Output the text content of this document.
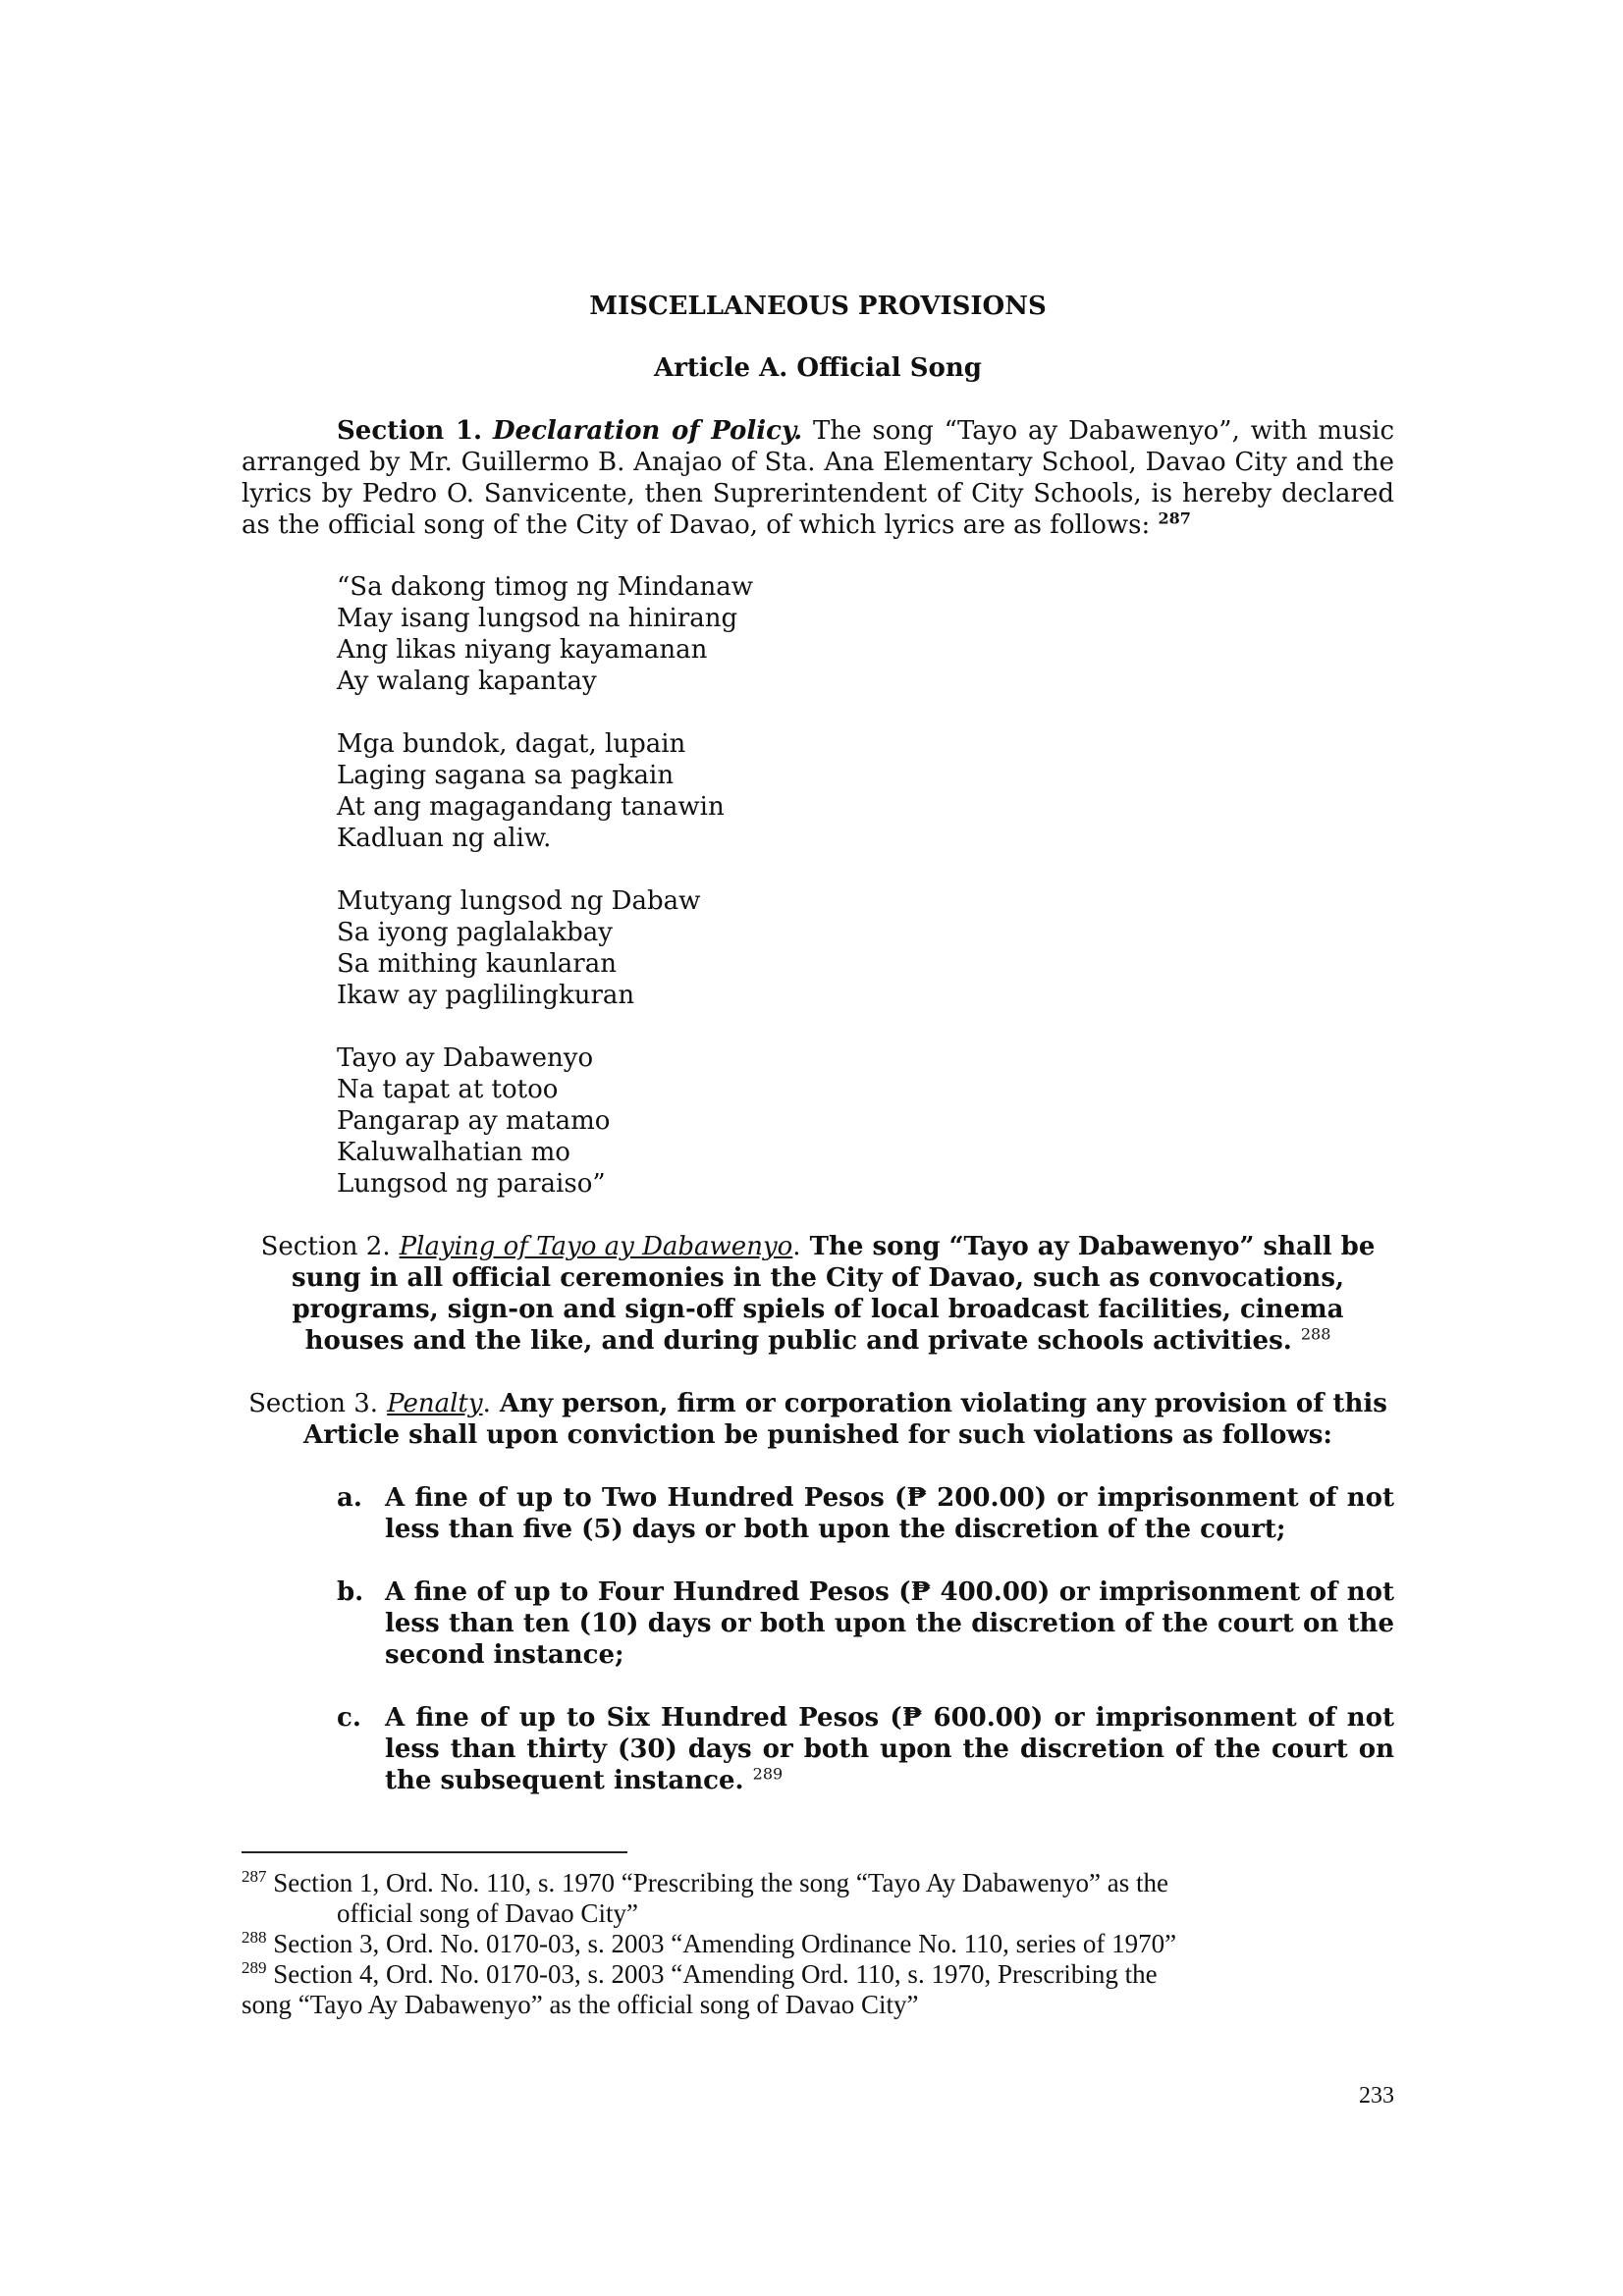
MISCELLANEOUS PROVISIONS
Article A. Official Song
Section 1. Declaration of Policy. The song “Tayo ay Dabawenyo”, with music arranged by Mr. Guillermo B. Anajao of Sta. Ana Elementary School, Davao City and the lyrics by Pedro O. Sanvicente, then Suprerintendent of City Schools, is hereby declared as the official song of the City of Davao, of which lyrics are as follows: $^{287}$
“Sa dakong timog ng Mindanaw
May isang lungsod na hinirang
Ang likas niyang kayamanan
Ay walang kapantay
Mga bundok, dagat, lupain
Laging sagana sa pagkain
At ang magagandang tanawin
Kadluan ng aliw.
Mutyang lungsod ng Dabaw
Sa iyong paglalakbay
Sa mithing kaunlaran
Ikaw ay paglilingkuran
Tayo ay Dabawenyo
Na tapat at totoo
Pangarap ay matamo
Kaluwalhatian mo
Lungsod ng paraiso”
Section 2. Playing of Tayo ay Dabawenyo. The song “Tayo ay Dabawenyo” shall be sung in all official ceremonies in the City of Davao, such as convocations, programs, sign-on and sign-off spiels of local broadcast facilities, cinema houses and the like, and during public and private schools activities. $^{288}$
Section 3. Penalty. Any person, firm or corporation violating any provision of this Article shall upon conviction be punished for such violations as follows:
a. A fine of up to Two Hundred Pesos (₱ 200.00) or imprisonment of not less than five (5) days or both upon the discretion of the court;
b. A fine of up to Four Hundred Pesos (₱ 400.00) or imprisonment of not less than ten (10) days or both upon the discretion of the court on the second instance;
c. A fine of up to Six Hundred Pesos (₱ 600.00) or imprisonment of not less than thirty (30) days or both upon the discretion of the court on the subsequent instance. $^{289}$

$^{287}$ Section 1, Ord. No. 110, s. 1970 “Prescribing the song “Tayo Ay Dabawenyo” as the
official song of Davao City”

$^{288}$ Section 3, Ord. No. 0170-03, s. 2003 “Amending Ordinance No. 110, series of 1970”

$^{289}$ Section 4, Ord. No. 0170-03, s. 2003 “Amending Ord. 110, s. 1970, Prescribing the
song “Tayo Ay Dabawenyo” as the official song of Davao City”

233
